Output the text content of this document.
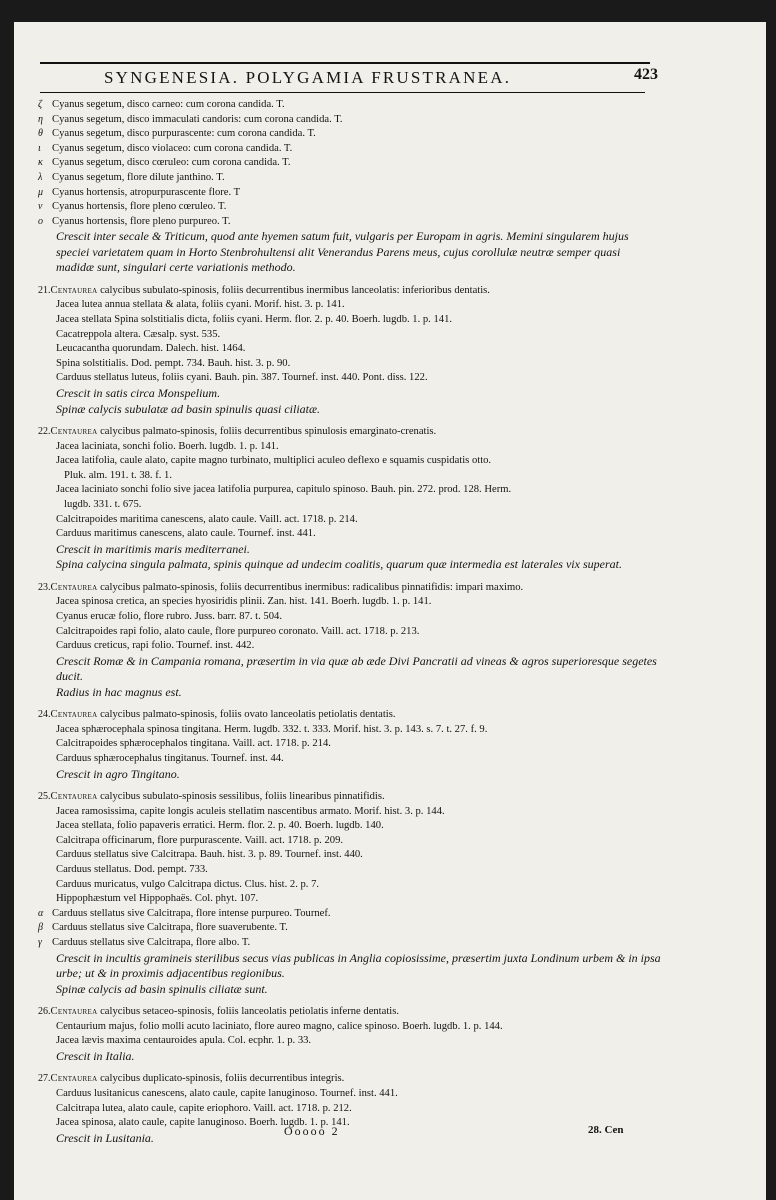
SYNGENESIA. POLYGAMIA FRUSTRANEA.	423
ζ Cyanus segetum, disco carneo: cum corona candida. T.
η Cyanus segetum, disco immaculati candoris: cum corona candida. T.
θ Cyanus segetum, disco purpurascente: cum corona candida. T.
ι	Cyanus segetum, disco violaceo: cum corona candida. T.
κ Cyanus segetum, disco cœruleo: cum corona candida. T.
λ Cyanus segetum, flore dilute janthino. T.
μ Cyanus hortensis, atropurpurascente flore. T
ν Cyanus hortensis, flore pleno cœruleo. T.
ο Cyanus hortensis, flore pleno purpureo. T.
Crescit inter secale & Triticum, quod ante hyemen satum fuit, vulgaris per Europam in agris. Memini singularem hujus speciei varietatem quam in Horto Stenbrohultensi alit Venerandus Parens meus, cujus corollulæ neutræ semper quasi madidæ sunt, singulari certe variationis methodo.
21.Centaurea calycibus subulato-spinosis, foliis decurrentibus inermibus lanceolatis: inferioribus dentatis.
Jacea lutea annua stellata & alata, foliis cyani. Morif. hist. 3. p. 141.
Jacea stellata Spina solstitialis dicta, foliis cyani. Herm. flor. 2. p. 40. Boerh. lugdb. 1. p. 141.
Cacatreppola altera. Cæsalp. syst. 535.
Leucacantha quorundam. Dalech. hist. 1464.
Spina solstitialis. Dod. pempt. 734. Bauh. hist. 3. p. 90.
Carduus stellatus luteus, foliis cyani. Bauh. pin. 387. Tournef. inst. 440. Pont. diss. 122.
Crescit in satis circa Monspelium.
Spinæ calycis subulatæ ad basin spinulis quasi ciliatæ.
22.Centaurea calycibus palmato-spinosis, foliis decurrentibus spinulosis emarginato-crenatis.
Jacea laciniata, sonchi folio. Boerh. lugdb. 1. p. 141.
Jacea latifolia, caule alato, capite magno turbinato, multiplici aculeo deflexo e squamis cuspidatis otto.
Pluk. alm. 191. t. 38. f. 1.
Jacea laciniato sonchi folio sive jacea latifolia purpurea, capitulo spinoso. Bauh. pin. 272. prod. 128. Herm.
lugdb. 331. t. 675.
Calcitrapoides maritima canescens, alato caule. Vaill. act. 1718. p. 214.
Carduus maritimus canescens, alato caule. Tournef. inst. 441.
Crescit in maritimis maris mediterranei.
Spina calycina singula palmata, spinis quinque ad undecim coalitis, quarum quæ intermedia est laterales vix superat.
23.Centaurea calycibus palmato-spinosis, foliis decurrentibus inermibus: radicalibus pinnatifidis: impari maximo.
Jacea spinosa cretica, an species hyosiridis plinii. Zan. hist. 141. Boerh. lugdb. 1. p. 141.
Cyanus erucæ folio, flore rubro. Juss. barr. 87. t. 504.
Calcitrapoides rapi folio, alato caule, flore purpureo coronato. Vaill. act. 1718. p. 213.
Carduus creticus, rapi folio. Tournef. inst. 442.
Crescit Romæ & in Campania romana, præsertim in via quæ ab æde Divi Pancratii ad vineas & agros superioresque segetes ducit.
Radius in hac magnus est.
24.Centaurea calycibus palmato-spinosis, foliis ovato lanceolatis petiolatis dentatis.
Jacea sphærocephala spinosa tingitana. Herm. lugdb. 332. t. 333. Morif. hist. 3. p. 143. s. 7. t. 27. f. 9.
Calcitrapoides sphærocephalos tingitana. Vaill. act. 1718. p. 214.
Carduus sphærocephalus tingitanus. Tournef. inst. 44.
Crescit in agro Tingitano.
25.Centaurea calycibus subulato-spinosis sessilibus, foliis linearibus pinnatifidis.
Jacea ramosissima, capite longis aculeis stellatim nascentibus armato. Morif. hist. 3. p. 144.
Jacea stellata, folio papaveris erratici. Herm. flor. 2. p. 40. Boerh. lugdb. 140.
Calcitrapa officinarum, flore purpurascente. Vaill. act. 1718. p. 209.
Carduus stellatus sive Calcitrapa. Bauh. hist. 3. p. 89. Tournef. inst. 440.
Carduus stellatus. Dod. pempt. 733.
Carduus muricatus, vulgo Calcitrapa dictus. Clus. hist. 2. p. 7.
Hippophæstum vel Hippophaës. Col. phyt. 107.
α Carduus stellatus sive Calcitrapa, flore intense purpureo. Tournef.
β Carduus stellatus sive Calcitrapa, flore suaverubente. T.
γ Carduus stellatus sive Calcitrapa, flore albo. T.
Crescit in incultis gramineis sterilibus secus vias publicas in Anglia copiosissime, præsertim juxta Londinum urbem & in ipsa urbe; ut & in proximis adjacentibus regionibus.
Spinæ calycis ad basin spinulis ciliatæ sunt.
26.Centaurea calycibus setaceo-spinosis, foliis lanceolatis petiolatis inferne dentatis.
Centaurium majus, folio molli acuto laciniato, flore aureo magno, calice spinoso. Boerh. lugdb. 1. p. 144.
Jacea lævis maxima centauroides apula. Col. ecphr. 1. p. 33.
Crescit in Italia.
27.Centaurea calycibus duplicato-spinosis, foliis decurrentibus integris.
Carduus lusitanicus canescens, alato caule, capite lanuginoso. Tournef. inst. 441.
Calcitrapa lutea, alato caule, capite eriophoro. Vaill. act. 1718. p. 212.
Jacea spinosa, alato caule, capite lanuginoso. Boerh. lugdb. 1. p. 141.
Crescit in Lusitania.	Ooooo 2	28. Cen
